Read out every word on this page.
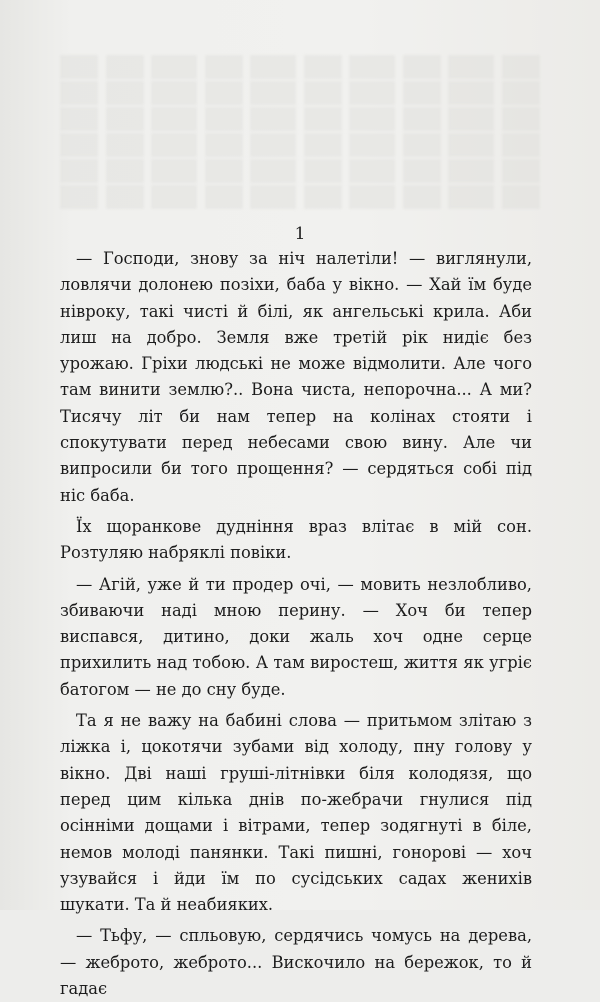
1

— Господи, знову за ніч налетіли! — виглянули, ловлячи долонею позіхи, баба у вікно. — Хай їм буде нівроку, такі чисті й білі, як ангельські крила. Аби лиш на добро. Земля вже третій рік нидіє без урожаю. Гріхи людські не може відмолити. Але чого там винити землю?.. Вона чиста, непорочна... А ми? Тисячу літ би нам тепер на колінах стояти і спокутувати перед небесами свою вину. Але чи випросили би того прощення? — сердяться собі під ніс баба.

Їх щоранкове дудніння враз влітає в мій сон. Розтуляю набряклі повіки.

— Агій, уже й ти продер очі, — мовить незлобливо, збиваючи наді мною перину. — Хоч би тепер виспався, дитино, доки жаль хоч одне серце прихилить над тобою. А там виростеш, життя як угріє батогом — не до сну буде.

Та я не важу на бабині слова — притьмом злітаю з ліжка і, цокотячи зубами від холоду, пну голову у вікно. Дві наші груші-літнівки біля колодязя, що перед цим кілька днів по-жебрачи гнулися під осінніми дощами і вітрами, тепер зодягнуті в біле, немов молоді панянки. Такі пишні, гонорові — хоч узувайся і йди їм по сусідських садах женихів шукати. Та й неабияких.

— Тьфу, — спльовую, сердячись чомусь на дерева, — жеброто, жеброто... Вискочило на бережок, то й гадає
